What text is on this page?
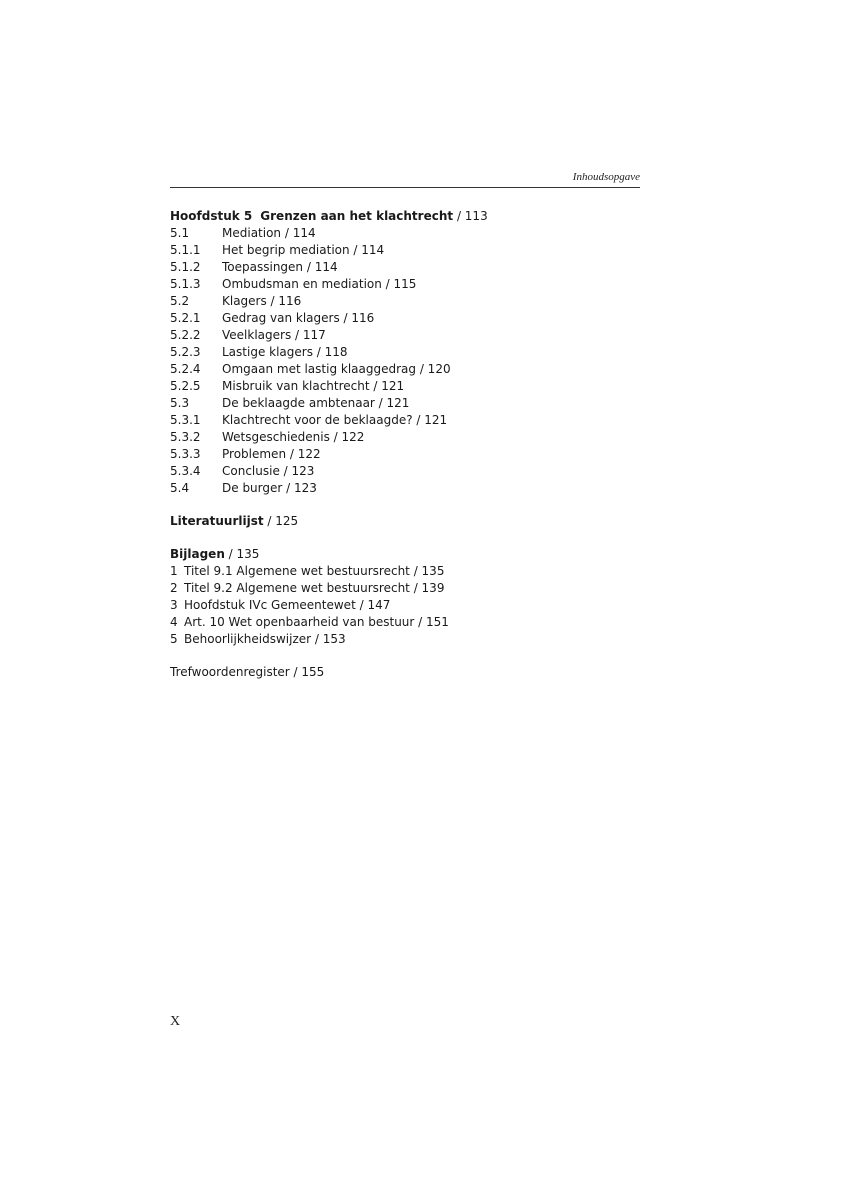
Inhoudsopgave
Hoofdstuk 5 Grenzen aan het klachtrecht / 113
5.1	Mediation / 114
5.1.1 Het begrip mediation / 114
5.1.2 Toepassingen / 114
5.1.3 Ombudsman en mediation / 115
5.2	Klagers / 116
5.2.1 Gedrag van klagers / 116
5.2.2 Veelklagers / 117
5.2.3 Lastige klagers / 118
5.2.4 Omgaan met lastig klaaggedrag / 120
5.2.5 Misbruik van klachtrecht / 121
5.3	De beklaagde ambtenaar / 121
5.3.1 Klachtrecht voor de beklaagde? / 121
5.3.2 Wetsgeschiedenis / 122
5.3.3 Problemen / 122
5.3.4 Conclusie / 123
5.4	De burger / 123
Literatuurlijst / 125
Bijlagen / 135
1 Titel 9.1 Algemene wet bestuursrecht / 135
2 Titel 9.2 Algemene wet bestuursrecht / 139
3 Hoofdstuk IVc Gemeentewet / 147
4 Art. 10 Wet openbaarheid van bestuur / 151
5 Behoorlijkheidswijzer / 153
Trefwoordenregister / 155
X
